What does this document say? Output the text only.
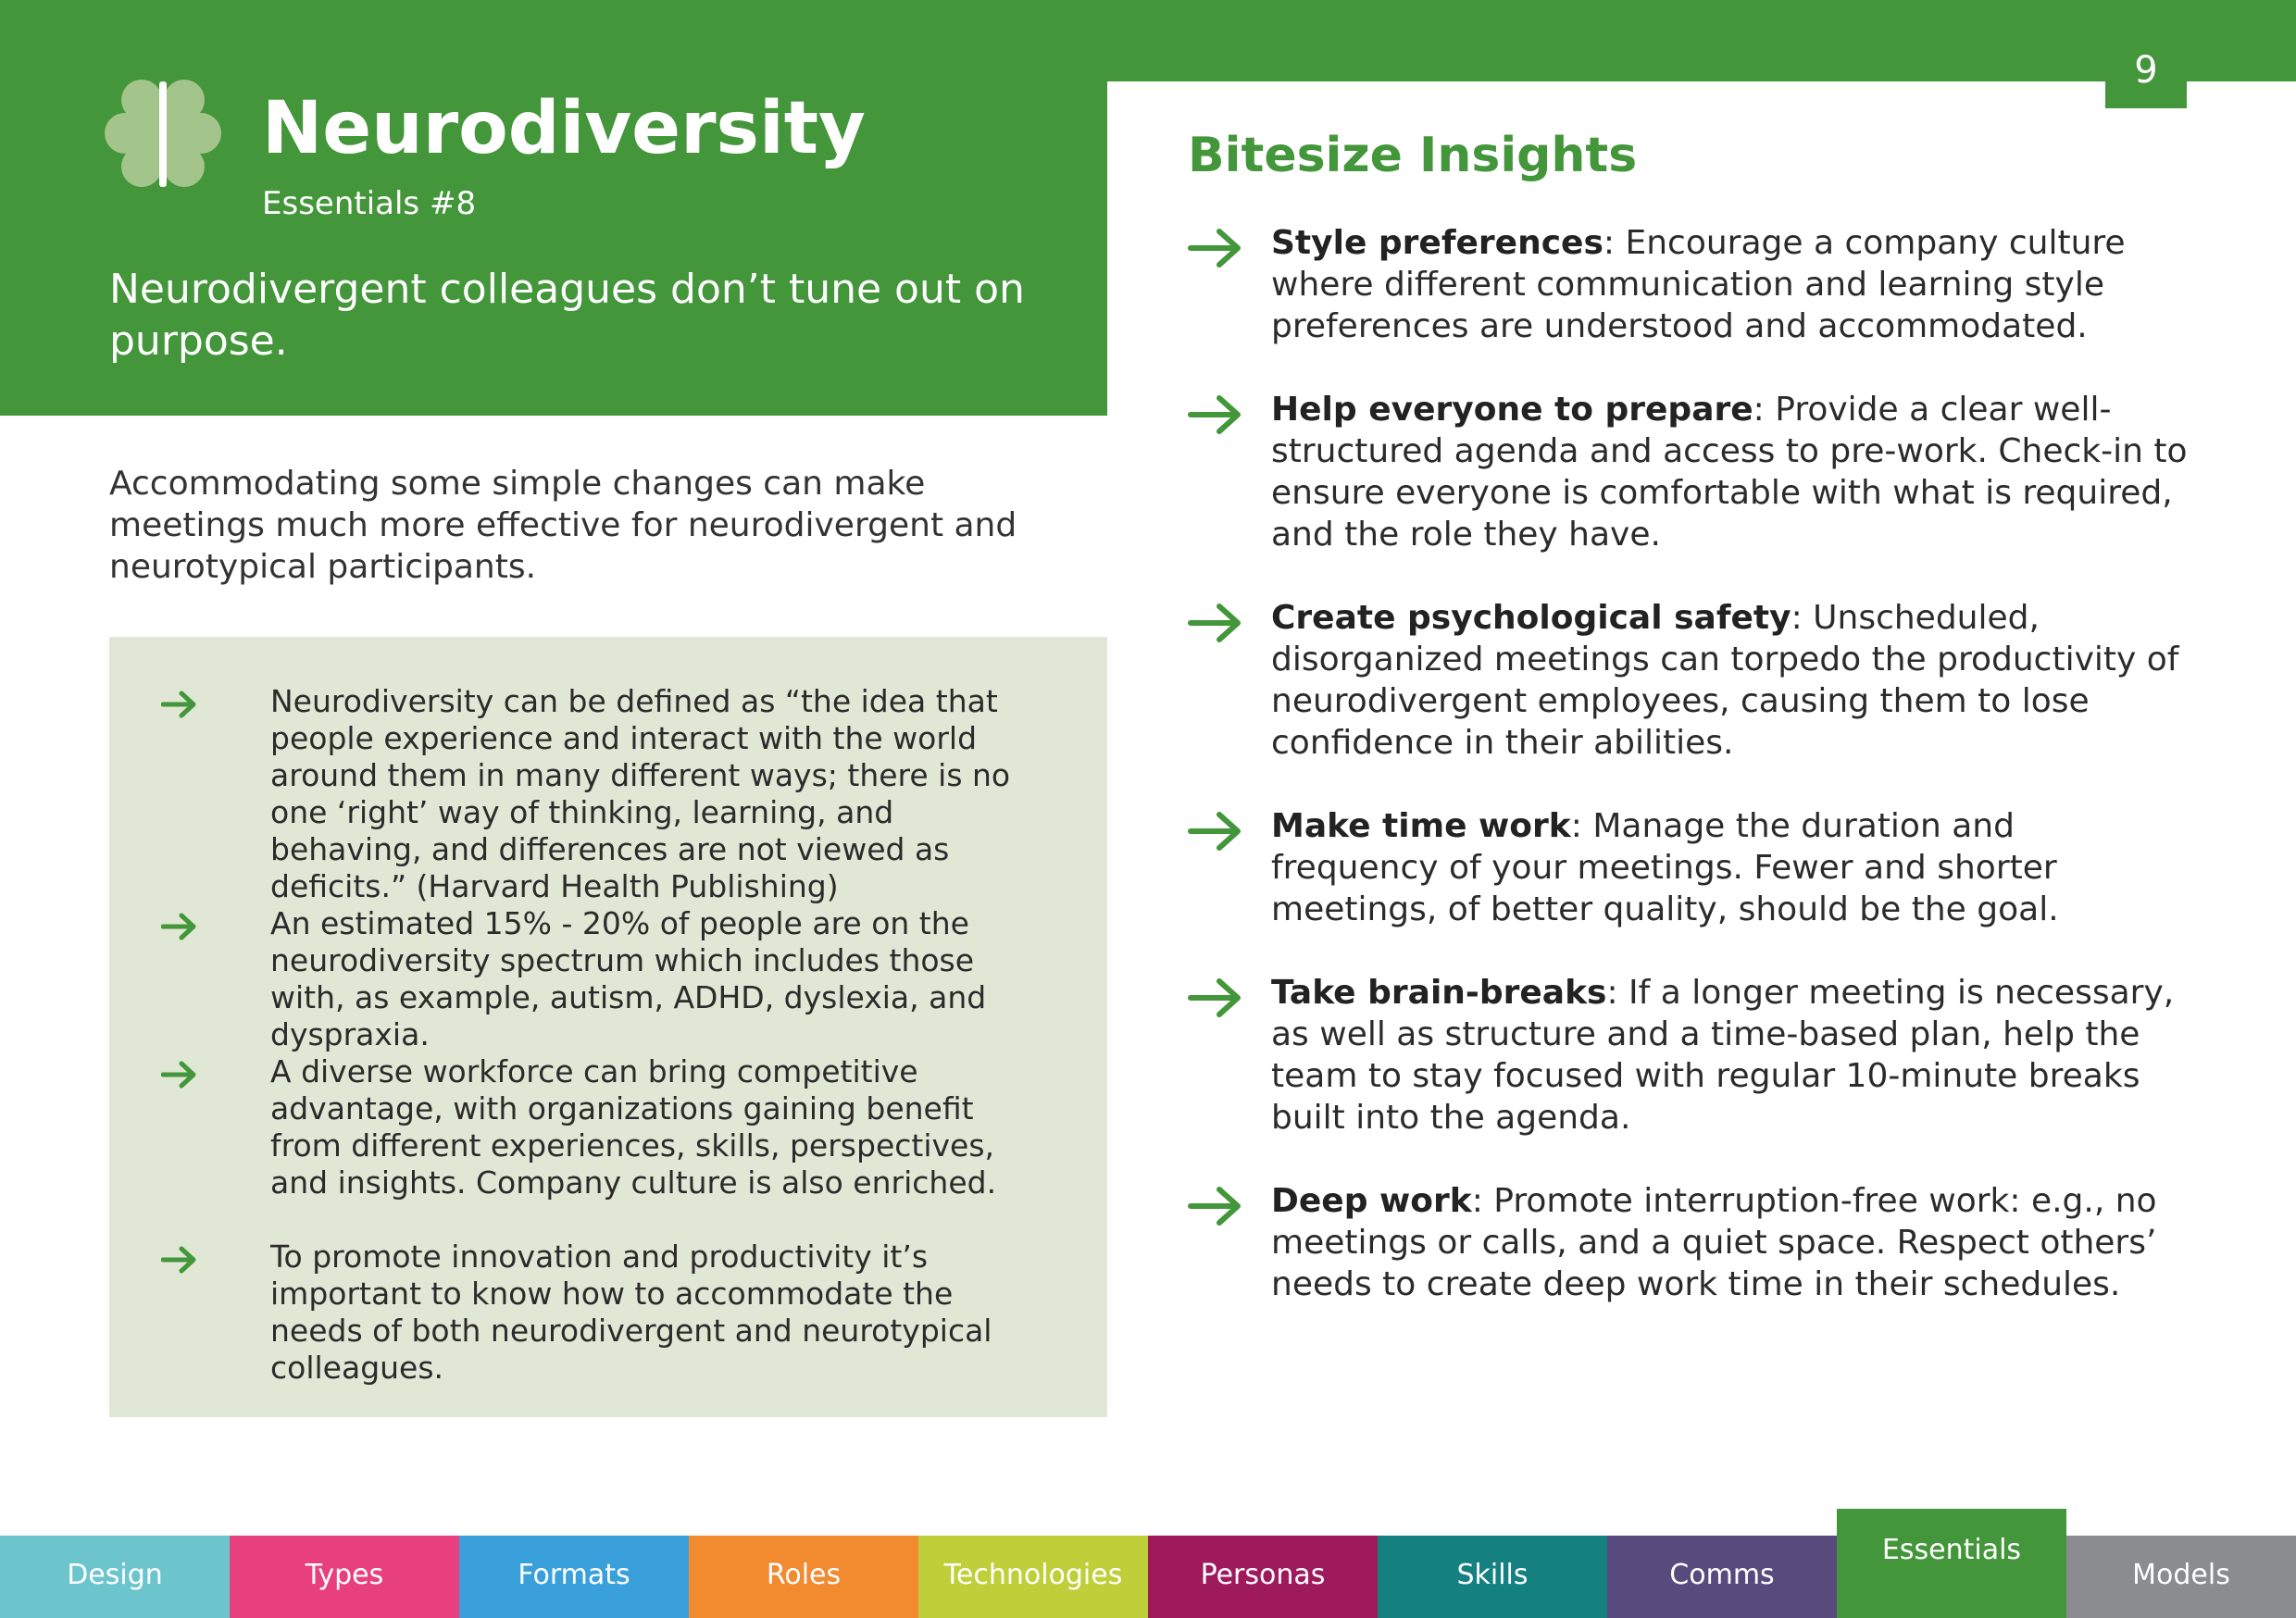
9
Neurodiversity

Essentials #8

Neurodivergent colleagues don’t tune out on purpose.

Accommodating some simple changes can make meetings much more effective for neurodivergent and neurotypical participants.

Neurodiversity can be defined as “the idea that people experience and interact with the world around them in many different ways; there is no one ‘right’ way of thinking, learning, and behaving, and differences are not viewed as deficits.” (Harvard Health Publishing)

An estimated 15% - 20% of people are on the neurodiversity spectrum which includes those with, as example, autism, ADHD, dyslexia, and dyspraxia.

A diverse workforce can bring competitive advantage, with organizations gaining benefit from different experiences, skills, perspectives, and insights. Company culture is also enriched.

To promote innovation and productivity it’s important to know how to accommodate the needs of both neurodivergent and neurotypical colleagues.

Bitesize Insights

Style preferences: Encourage a company culture where different communication and learning style preferences are understood and accommodated.

Help everyone to prepare: Provide a clear well-structured agenda and access to pre-work. Check-in to ensure everyone is comfortable with what is required, and the role they have.

Create psychological safety: Unscheduled, disorganized meetings can torpedo the productivity of neurodivergent employees, causing them to lose confidence in their abilities.

Make time work: Manage the duration and frequency of your meetings. Fewer and shorter meetings, of better quality, should be the goal.

Take brain-breaks: If a longer meeting is necessary, as well as structure and a time-based plan, help the team to stay focused with regular 10-minute breaks built into the agenda.

Deep work: Promote interruption-free work: e.g., no meetings or calls, and a quiet space. Respect others’ needs to create deep work time in their schedules.

Design	Types	Formats	Roles	Technologies	Personas	Skills	Comms
Essentials
Models
